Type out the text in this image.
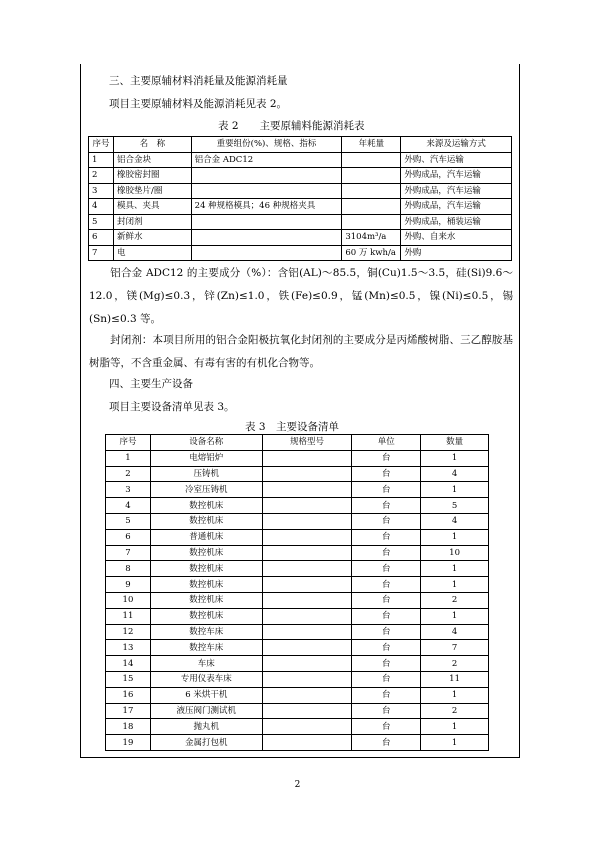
三、主要原辅材料消耗量及能源消耗量
项目主要原辅材料及能源消耗见表 2。
表 2　　主要原辅料能源消耗表
序号	名　称	重要组份(%)、规格、指标	年耗量	来源及运输方式
1	铝合金块	铝合金 ADC12		外购、汽车运输
2	橡胶密封圈			外购成品，汽车运输
3	橡胶垫片/圈			外购成品，汽车运输
4	模具、夹具	24 种规格模具；46 种规格夹具		外购成品，汽车运输
5	封闭剂			外购成品，桶装运输
6	新鲜水		3104m³/a	外购、自来水
7	电		60 万 kwh/a	外购
铝合金 ADC12 的主要成分（%）：含铝(AL)～85.5，铜(Cu)1.5～3.5，硅(Si)9.6～12.0，镁(Mg)≤0.3，锌(Zn)≤1.0，铁(Fe)≤0.9，锰(Mn)≤0.5，镍(Ni)≤0.5，锡(Sn)≤0.3 等。
封闭剂：本项目所用的铝合金阳极抗氧化封闭剂的主要成分是丙烯酸树脂、三乙醇胺基树脂等，不含重金属、有毒有害的有机化合物等。
四、主要生产设备
项目主要设备清单见表 3。
表 3　主要设备清单
序号	设备名称	规格型号	单位	数量
1	电熔铝炉		台	1
2	压铸机		台	4
3	冷室压铸机		台	1
4	数控机床		台	5
5	数控机床		台	4
6	普通机床		台	1
7	数控机床		台	10
8	数控机床		台	1
9	数控机床		台	1
10	数控机床		台	2
11	数控机床		台	1
12	数控车床		台	4
13	数控车床		台	7
14	车床		台	2
15	专用仪表车床		台	11
16	6 米烘干机		台	1
17	液压阀门测试机		台	2
18	抛丸机		台	1
19	金属打包机		台	1
2
